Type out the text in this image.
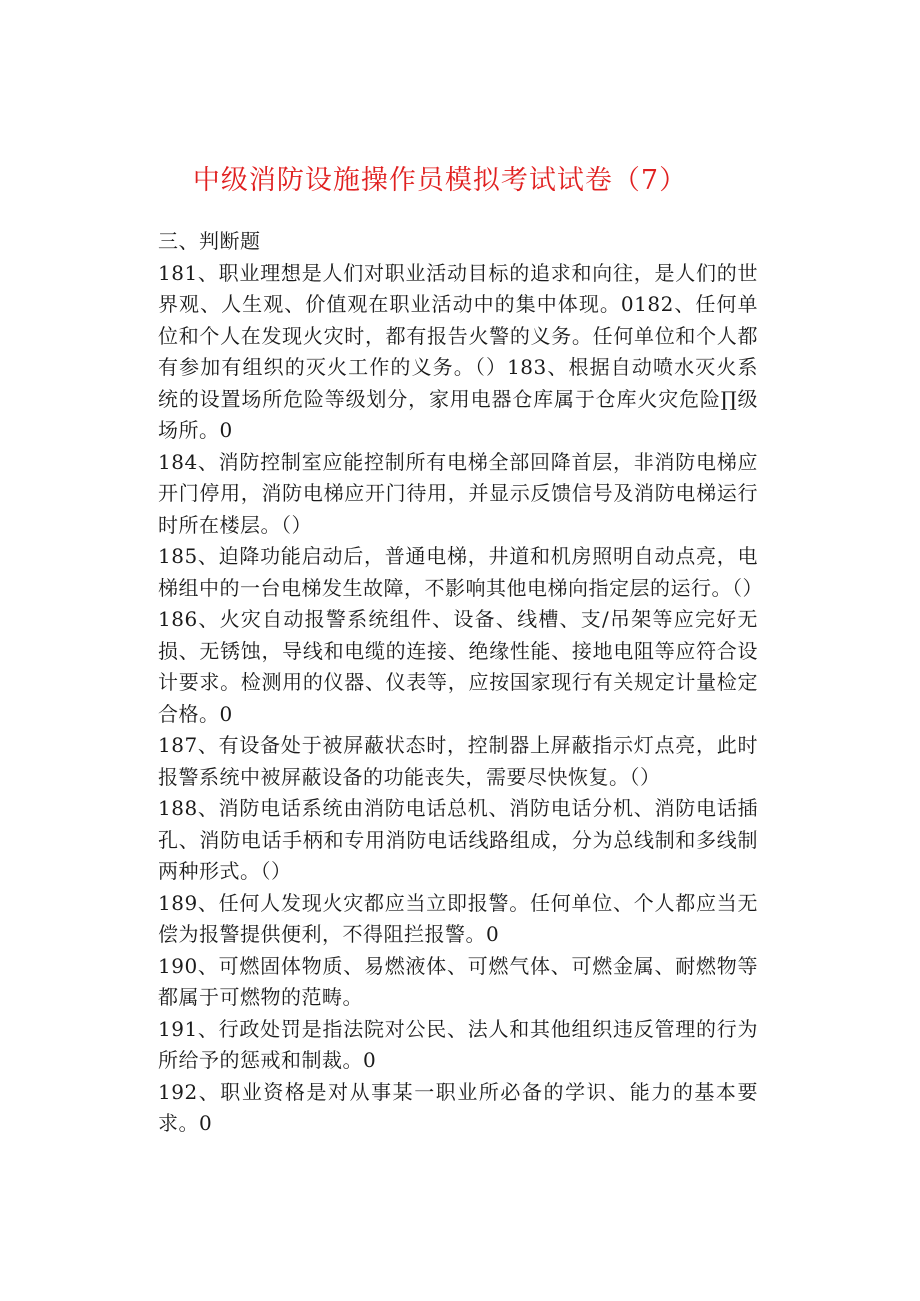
中级消防设施操作员模拟考试试卷（7）
三、判断题

181、职业理想是人们对职业活动目标的追求和向往，是人们的世界观、人生观、价值观在职业活动中的集中体现。0182、任何单位和个人在发现火灾时，都有报告火警的义务。任何单位和个人都有参加有组织的灭火工作的义务。（）183、根据自动喷水灭火系统的设置场所危险等级划分，家用电器仓库属于仓库火灾危险∏级场所。0

184、消防控制室应能控制所有电梯全部回降首层，非消防电梯应开门停用，消防电梯应开门待用，并显示反馈信号及消防电梯运行时所在楼层。（）

185、迫降功能启动后，普通电梯，井道和机房照明自动点亮，电梯组中的一台电梯发生故障，不影响其他电梯向指定层的运行。（）

186、火灾自动报警系统组件、设备、线槽、支/吊架等应完好无损、无锈蚀，导线和电缆的连接、绝缘性能、接地电阻等应符合设计要求。检测用的仪器、仪表等，应按国家现行有关规定计量检定合格。0

187、有设备处于被屏蔽状态时，控制器上屏蔽指示灯点亮，此时报警系统中被屏蔽设备的功能丧失，需要尽快恢复。（）

188、消防电话系统由消防电话总机、消防电话分机、消防电话插孔、消防电话手柄和专用消防电话线路组成，分为总线制和多线制两种形式。（）

189、任何人发现火灾都应当立即报警。任何单位、个人都应当无偿为报警提供便利，不得阻拦报警。0

190、可燃固体物质、易燃液体、可燃气体、可燃金属、耐燃物等都属于可燃物的范畴。

191、行政处罚是指法院对公民、法人和其他组织违反管理的行为所给予的惩戒和制裁。0

192、职业资格是对从事某一职业所必备的学识、能力的基本要求。0
